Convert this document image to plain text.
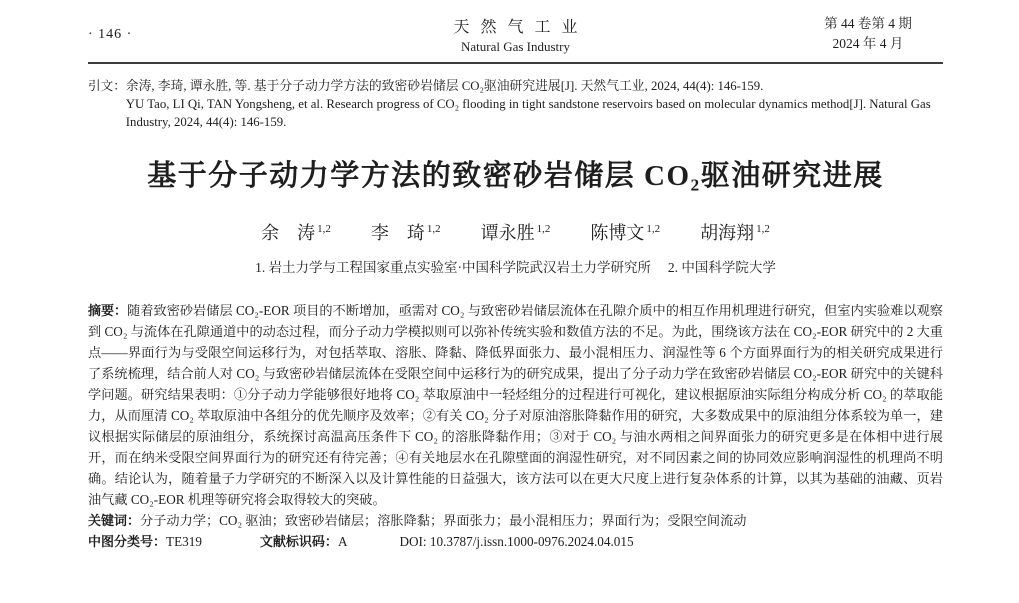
· 146 ·	天然气工业
Natural Gas Industry
第 44 卷第 4 期
2024 年 4 月
引文： 余涛, 李琦, 谭永胜, 等. 基于分子动力学方法的致密砂岩储层 CO₂驱油研究进展[J]. 天然气工业, 2024, 44(4): 146-159.

YU Tao, LI Qi, TAN Yongsheng, et al. Research progress of CO₂ flooding in tight sandstone reservoirs based on molecular dynamics method[J]. Natural Gas Industry, 2024, 44(4): 146-159.

基于分子动力学方法的致密砂岩储层 CO₂驱油研究进展
余　涛 $^{1,2}$ 李　琦 $^{1,2}$ 谭永胜 $^{1,2}$ 陈博文 $^{1,2}$ 胡海翔 $^{1,2}$
1. 岩土力学与工程国家重点实验室·中国科学院武汉岩土力学研究所　 2. 中国科学院大学

摘要：随着致密砂岩储层 CO₂-EOR 项目的不断增加，亟需对 CO₂ 与致密砂岩储层流体在孔隙介质中的相互作用机理进行研究，但室内实验难以观察到 CO₂ 与流体在孔隙通道中的动态过程，而分子动力学模拟则可以弥补传统实验和数值方法的不足。为此，围绕该方法在 CO₂-EOR 研究中的 2 大重点——界面行为与受限空间运移行为，对包括萃取、溶胀、降黏、降低界面张力、最小混相压力、润湿性等 6 个方面界面行为的相关研究成果进行了系统梳理，结合前人对 CO₂ 与致密砂岩储层流体在受限空间中运移行为的研究成果，提出了分子动力学在致密砂岩储层 CO₂-EOR 研究中的关键科学问题。研究结果表明：①分子动力学能够很好地将 CO₂ 萃取原油中一轻烃组分的过程进行可视化，建议根据原油实际组分构成分析 CO₂ 的萃取能力，从而厘清 CO₂ 萃取原油中各组分的优先顺序及效率；②有关 CO₂ 分子对原油溶胀降黏作用的研究，大多数成果中的原油组分体系较为单一，建议根据实际储层的原油组分，系统探讨高温高压条件下 CO₂ 的溶胀降黏作用；③对于 CO₂ 与油水两相之间界面张力的研究更多是在体相中进行展开，而在纳米受限空间界面行为的研究还有待完善；④有关地层水在孔隙壁面的润湿性研究，对不同因素之间的协同效应影响润湿性的机理尚不明确。结论认为，随着量子力学研究的不断深入以及计算性能的日益强大，该方法可以在更大尺度上进行复杂体系的计算，以其为基础的油藏、页岩油气藏 CO₂-EOR 机理等研究将会取得较大的突破。

关键词：分子动力学；CO₂ 驱油；致密砂岩储层；溶胀降黏；界面张力；最小混相压力；界面行为；受限空间流动

中图分类号：TE319	文献标识码：A	DOI: 10.3787/j.issn.1000-0976.2024.04.015
